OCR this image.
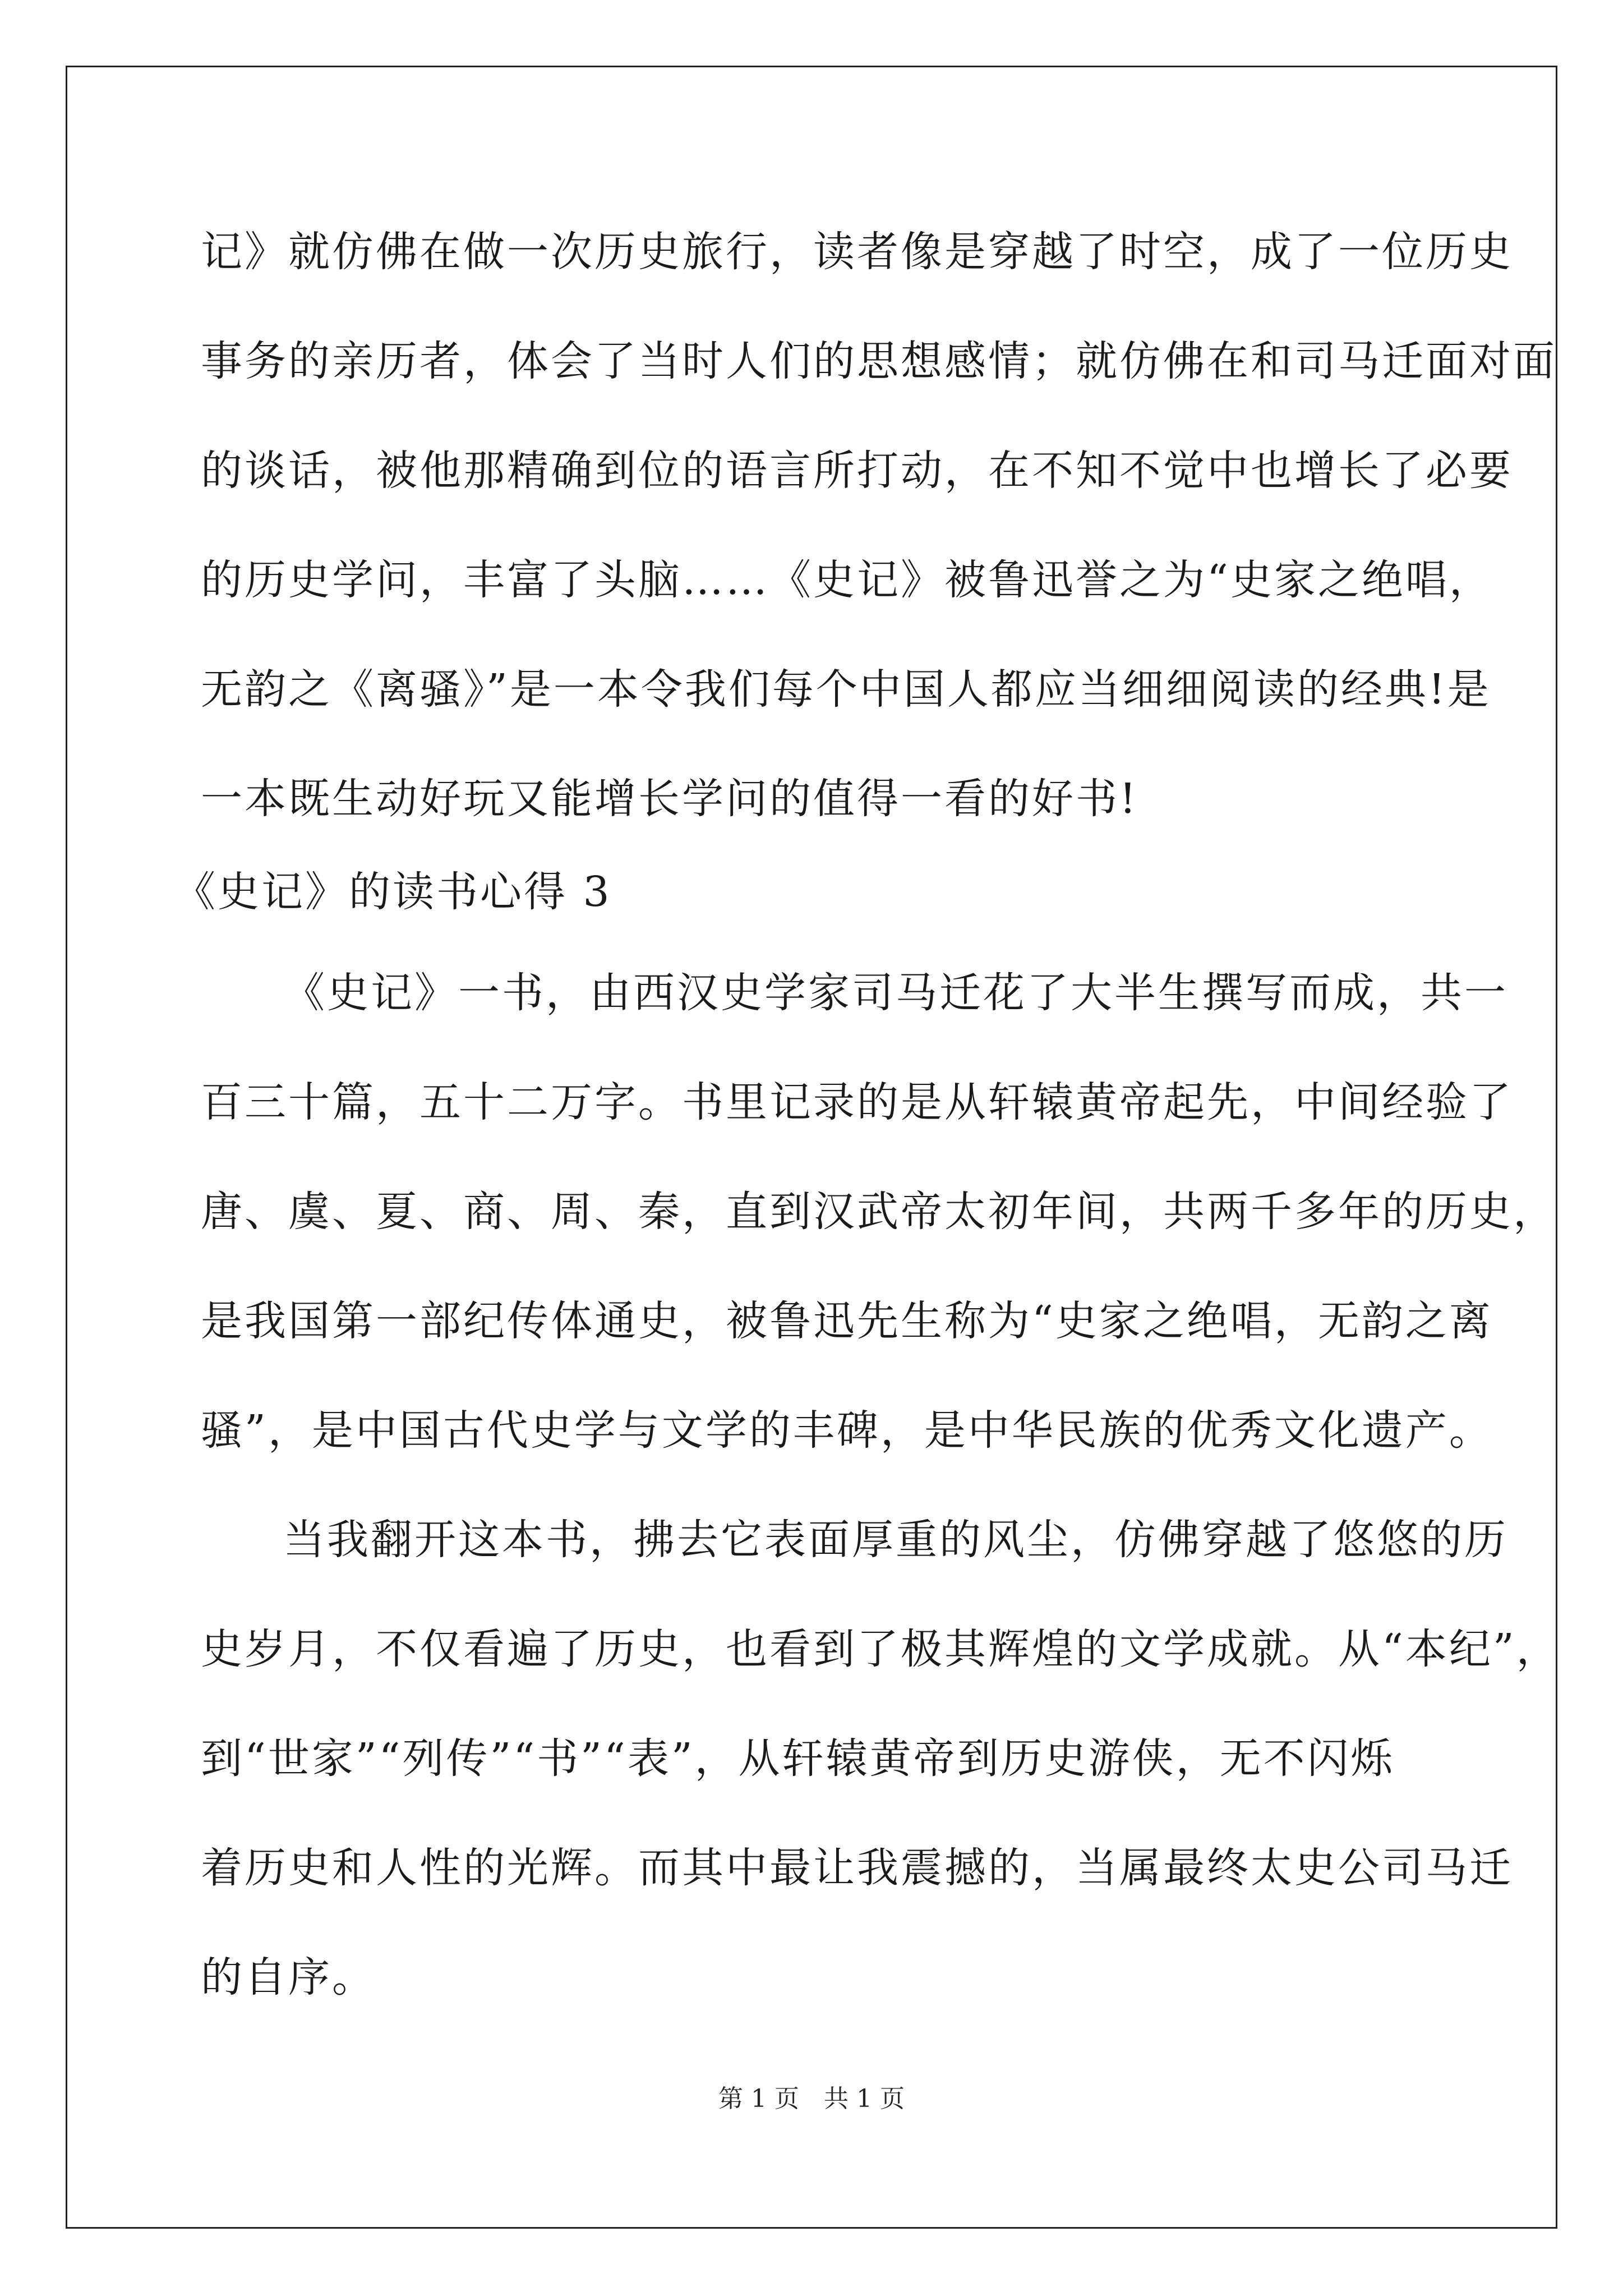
记》就仿佛在做一次历史旅行，读者像是穿越了时空，成了一位历史
事务的亲历者，体会了当时人们的思想感情；就仿佛在和司马迁面对面
的谈话，被他那精确到位的语言所打动，在不知不觉中也增长了必要
的历史学问，丰富了头脑……《史记》被鲁迅誉之为“史家之绝唱，
无韵之《离骚》”是一本令我们每个中国人都应当细细阅读的经典!是
一本既生动好玩又能增长学问的值得一看的好书!
《史记》的读书心得 3
《史记》一书，由西汉史学家司马迁花了大半生撰写而成，共一
百三十篇，五十二万字。书里记录的是从轩辕黄帝起先，中间经验了
唐、虞、夏、商、周、秦，直到汉武帝太初年间，共两千多年的历史，
是我国第一部纪传体通史，被鲁迅先生称为“史家之绝唱，无韵之离
骚”，是中国古代史学与文学的丰碑，是中华民族的优秀文化遗产。
当我翻开这本书，拂去它表面厚重的风尘，仿佛穿越了悠悠的历
史岁月，不仅看遍了历史，也看到了极其辉煌的文学成就。从“本纪”，
到“世家”“列传”“书”“表”，从轩辕黄帝到历史游侠，无不闪烁
着历史和人性的光辉。而其中最让我震撼的，当属最终太史公司马迁
的自序。
第 1 页　共 1 页
